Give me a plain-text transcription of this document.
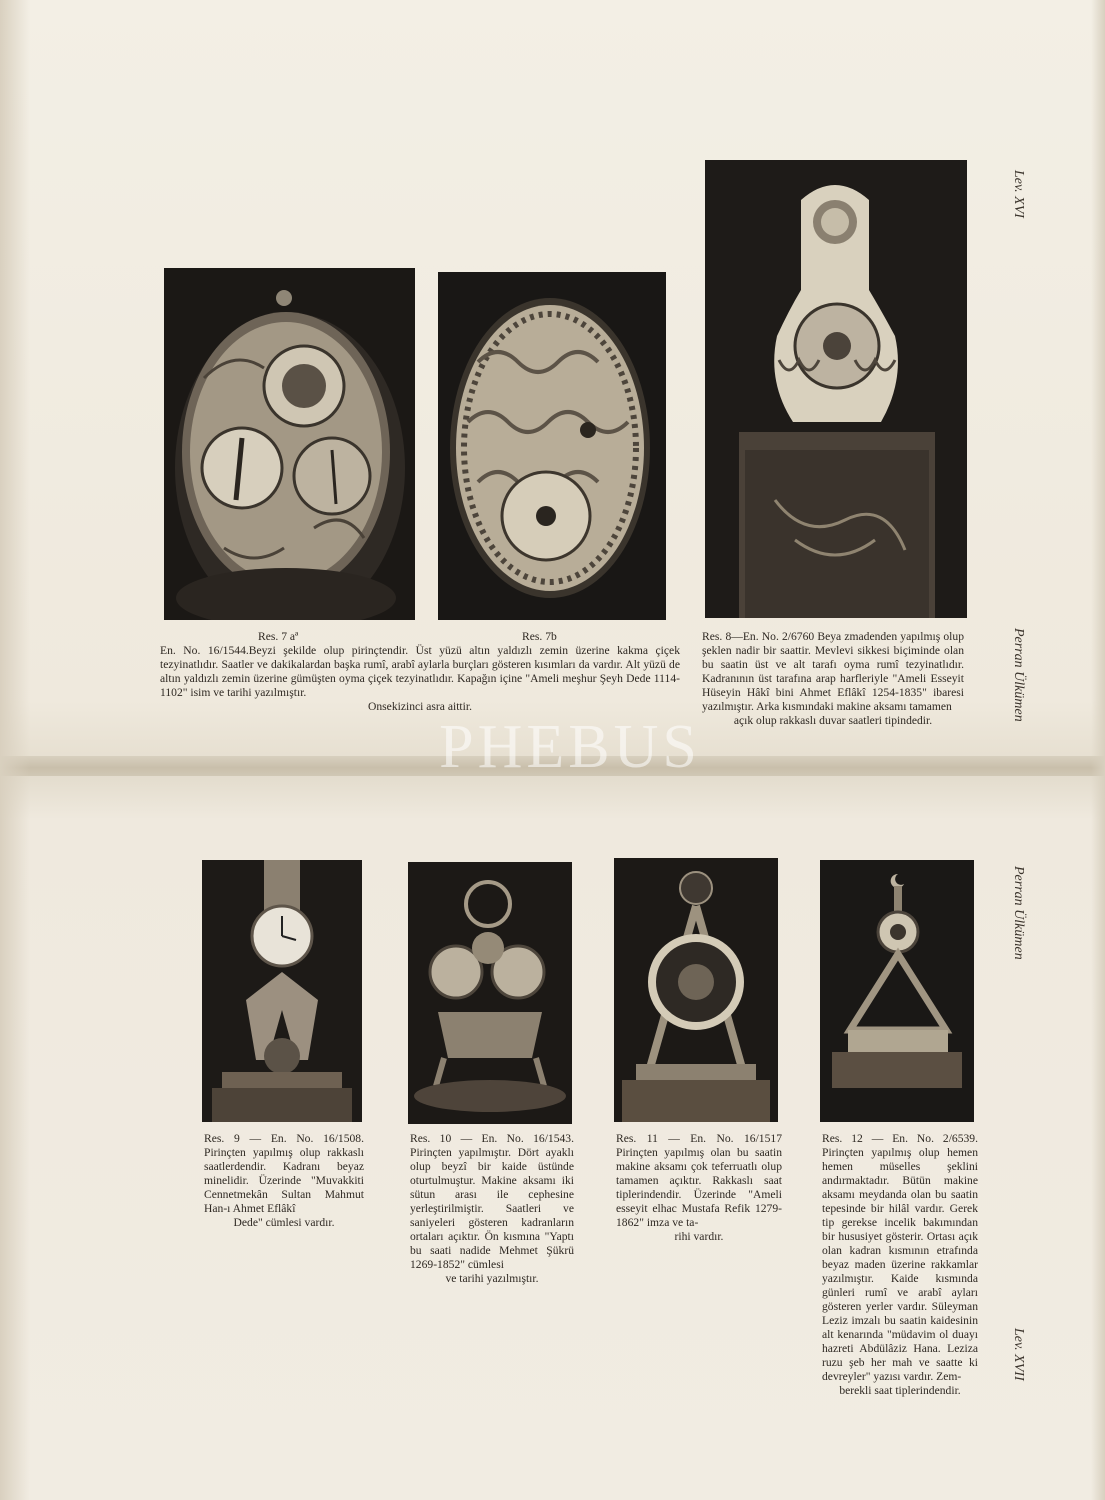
Res. 7 aª	Res. 7b

En. No. 16/1544.Beyzi şekilde olup pirinçtendir. Üst yüzü altın yaldızlı zemin üzerine kakma çiçek tezyinatlıdır. Saatler ve dakikalardan başka rumî, arabî aylarla burçları gösteren kısımları da vardır. Alt yüzü de altın yaldızlı zemin üzerine gümüşten oyma çiçek tezyinatlıdır. Kapağın içine "Ameli meşhur Şeyh Dede 1114-1102" isim ve tarihi yazılmıştır.

Onsekizinci asra aittir.

Res. 8—En. No. 2/6760 Beya zmadenden yapılmış olup şeklen nadir bir saattir. Mevlevi sikkesi biçiminde olan bu saatin üst ve alt tarafı oyma rumî tezyinatlıdır. Kadranının üst tarafına arap harfleriyle "Ameli Esseyit Hüseyin Hâkî bini Ahmet Eflâkî 1254-1835" ibaresi yazılmıştır. Arka kısmındaki makine aksamı tamamen

açık olup rakkaslı duvar saatleri tipindedir.

Lev. XVI
Perran Ülkümen
PHEBUS

Res. 9 — En. No. 16/1508. Pirinçten yapılmış olup rakkaslı saatlerdendir. Kadranı beyaz minelidir. Üzerinde "Muvakkiti Cennetmekân Sultan Mahmut Han-ı Ahmet Eflâkî

Dede" cümlesi vardır.

Res. 10 — En. No. 16/1543. Pirinçten yapılmıştır. Dört ayaklı olup beyzî bir kaide üstünde oturtulmuştur. Makine aksamı iki sütun arası ile cephesine yerleştirilmiştir. Saatleri ve saniyeleri gösteren kadranların ortaları açıktır. Ön kısmına "Yaptı bu saati nadide Mehmet Şükrü 1269-1852" cümlesi

ve tarihi yazılmıştır.

Res. 11 — En. No. 16/1517 Pirinçten yapılmış olan bu saatin makine aksamı çok teferruatlı olup tamamen açıktır. Rakkaslı saat tiplerindendir. Üzerinde "Ameli esseyit elhac Mustafa Refik 1279-1862" imza ve ta-

rihi vardır.

Res. 12 — En. No. 2/6539. Pirinçten yapılmış olup hemen hemen müselles şeklini andırmaktadır. Bütün makine aksamı meydanda olan bu saatin tepesinde bir hilâl vardır. Gerek tip gerekse incelik bakımından bir hususiyet gösterir. Ortası açık olan kadran kısmının etrafında beyaz maden üzerine rakkamlar yazılmıştır. Kaide kısmında günleri rumî ve arabî ayları gösteren yerler vardır. Süleyman Leziz imzalı bu saatin kaidesinin alt kenarında "müdavim ol duayı hazreti Abdülâziz Hana. Leziza ruzu şeb her mah ve saatte ki devreyler" yazısı vardır. Zem-

berekli saat tiplerindendir.

Perran Ülkümen
Lev. XVII
